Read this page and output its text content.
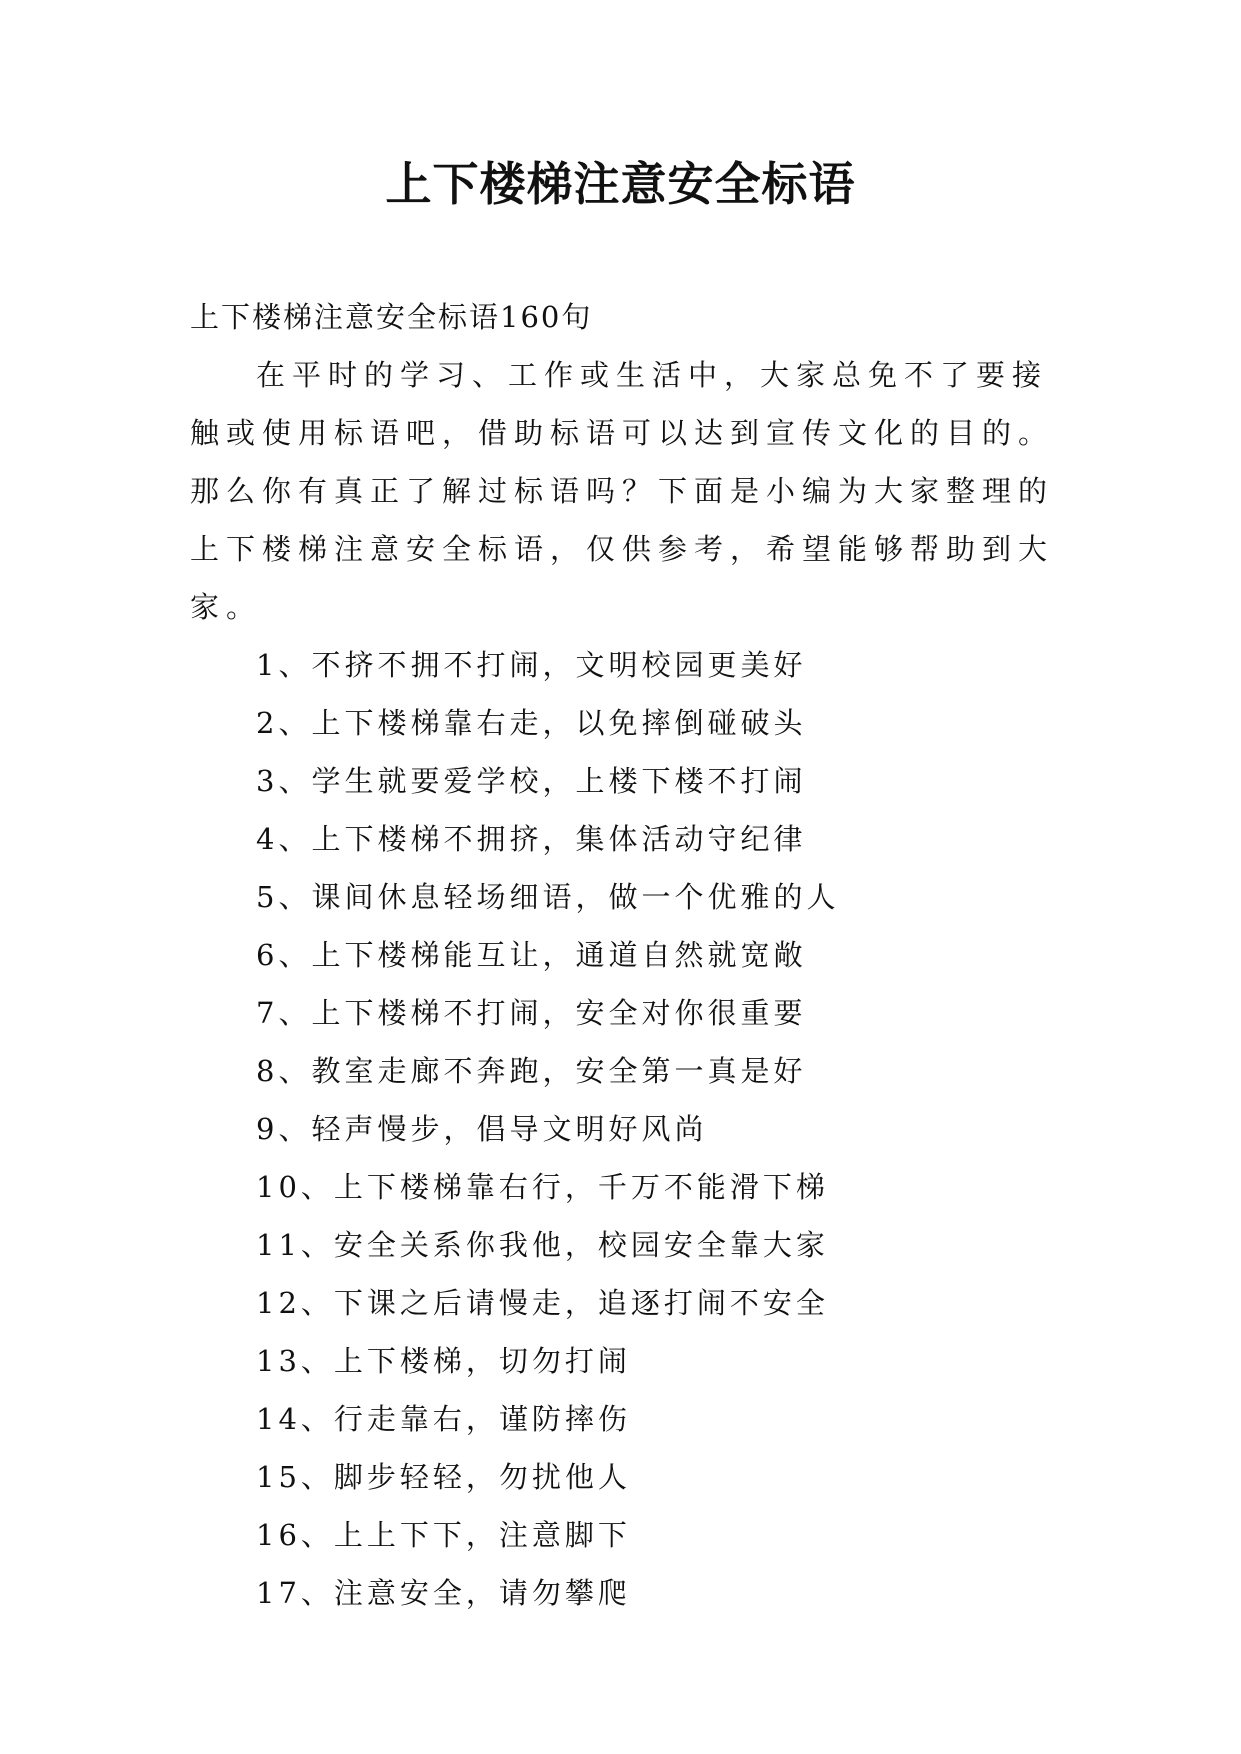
上下楼梯注意安全标语

上下楼梯注意安全标语160句

在平时的学习、工作或生活中，大家总免不了要接触或使用标语吧，借助标语可以达到宣传文化的目的。那么你有真正了解过标语吗？下面是小编为大家整理的上下楼梯注意安全标语，仅供参考，希望能够帮助到大家。

1、不挤不拥不打闹，文明校园更美好
2、上下楼梯靠右走，以免摔倒碰破头
3、学生就要爱学校，上楼下楼不打闹
4、上下楼梯不拥挤，集体活动守纪律
5、课间休息轻场细语，做一个优雅的人
6、上下楼梯能互让，通道自然就宽敞
7、上下楼梯不打闹，安全对你很重要
8、教室走廊不奔跑，安全第一真是好
9、轻声慢步，倡导文明好风尚
10、上下楼梯靠右行，千万不能滑下梯
11、安全关系你我他，校园安全靠大家
12、下课之后请慢走，追逐打闹不安全
13、上下楼梯，切勿打闹
14、行走靠右，谨防摔伤
15、脚步轻轻，勿扰他人
16、上上下下，注意脚下
17、注意安全，请勿攀爬
